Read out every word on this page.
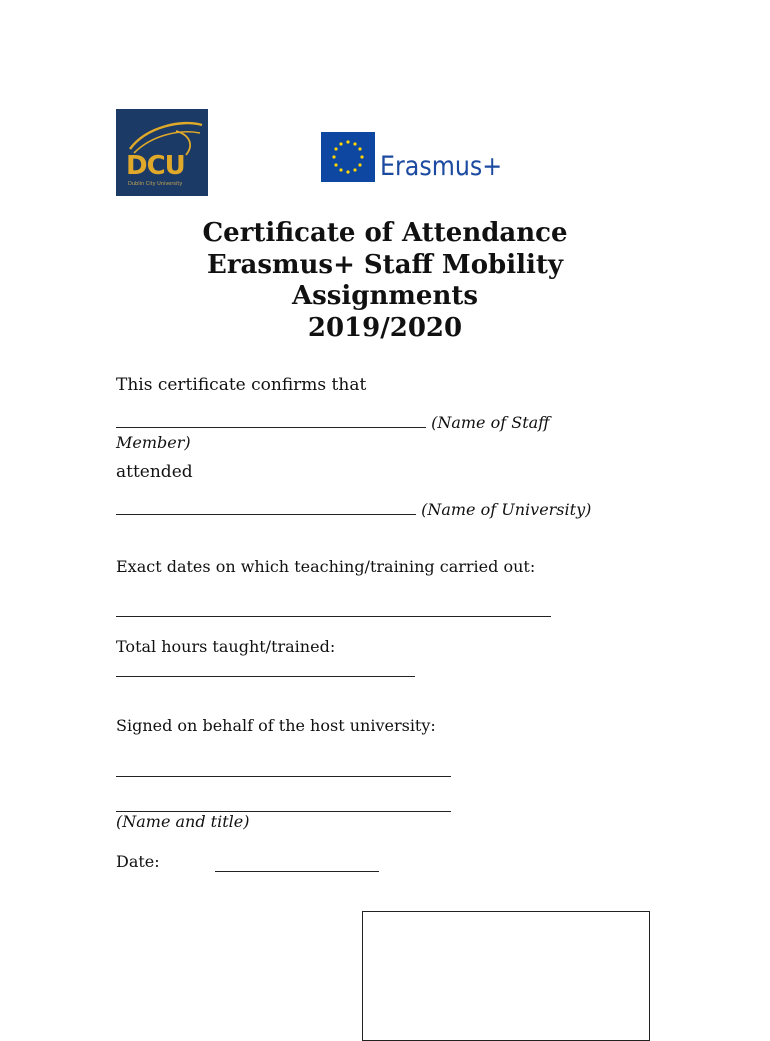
DCU
Dublin City University
Erasmus+
Certificate of Attendance
Erasmus+ Staff Mobility
Assignments
2019/2020
This certificate confirms that
(Name of Staff
Member)
attended
(Name of University)
Exact dates on which teaching/training carried out:
Total hours taught/trained:
Signed on behalf of the host university:
(Name and title)
Date:
